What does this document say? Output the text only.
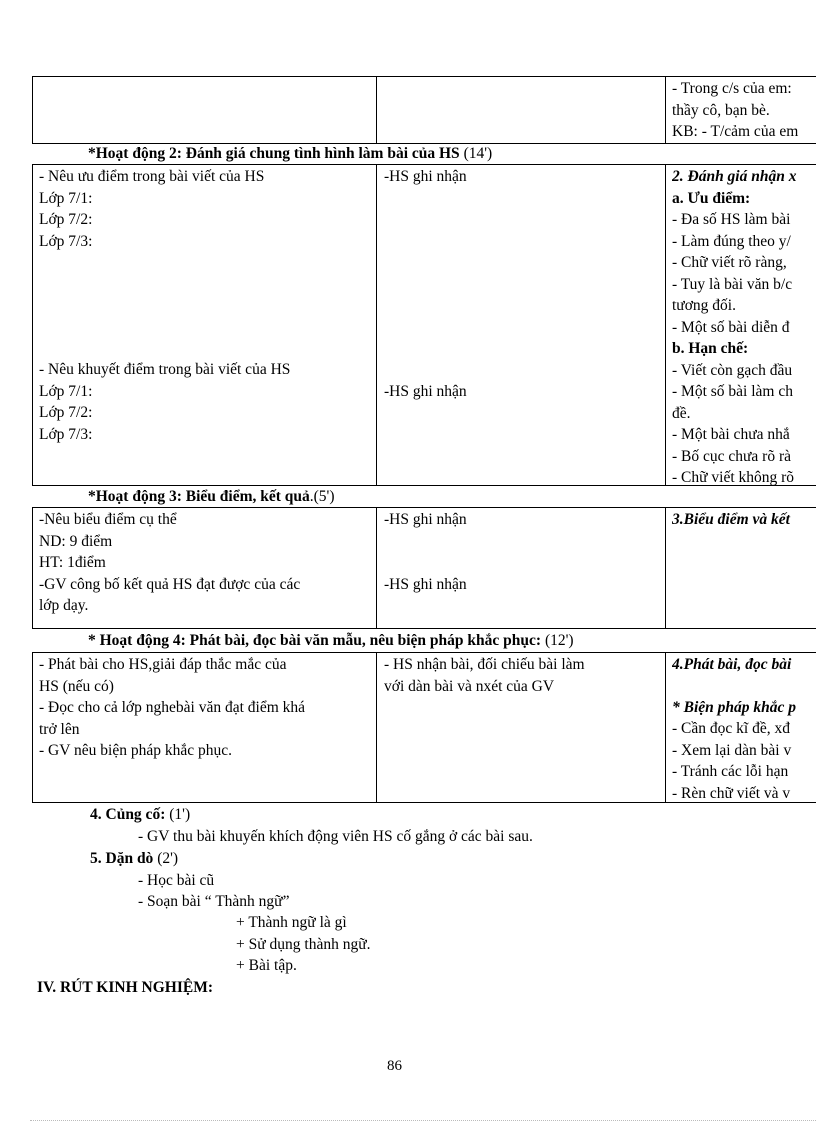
- Trong c/s của em:
thầy cô, bạn bè.
KB: - T/cảm của em
*Hoạt động 2: Đánh giá chung tình hình làm bài của HS (14')
- Nêu ưu điểm trong bài viết của HS
Lớp 7/1:
Lớp 7/2:
Lớp 7/3:
- Nêu khuyết điểm trong bài viết của HS
Lớp 7/1:
Lớp 7/2:
Lớp 7/3:
-HS ghi nhận
-HS ghi nhận
2. Đánh giá nhận x
a. Ưu điểm:
- Đa số HS làm bài
- Làm đúng theo y/
- Chữ viết rõ ràng,
- Tuy là bài văn b/c
tương đối.
- Một số bài diễn đ
b. Hạn chế:
- Viết còn gạch đầu
- Một số bài làm ch
đề.
- Một bài chưa nhắ
- Bố cục chưa rõ rà
- Chữ viết không rõ
*Hoạt động 3: Biểu điểm, kết quả.(5')
-Nêu biểu điểm cụ thể
ND: 9 điểm
HT: 1điểm
-GV công bố kết quả HS đạt được của các
lớp dạy.
-HS ghi nhận
-HS ghi nhận
3.Biểu điểm và kết
* Hoạt động 4: Phát bài, đọc bài văn mẫu, nêu biện pháp khắc phục: (12')
- Phát bài cho HS,giải đáp thắc mắc của
HS (nếu có)
- Đọc cho cả lớp nghebài văn đạt điểm khá
trở lên
- GV nêu biện pháp khắc phục.
- HS nhận bài, đối chiếu bài làm
với dàn bài và nxét của GV
4.Phát bài, đọc bài
* Biện pháp khắc p
- Cần đọc kĩ đề, xđ
- Xem lại dàn bài v
- Tránh các lỗi hạn
- Rèn chữ viết và v
4. Củng cố: (1')
- GV thu bài khuyến khích động viên HS cố gắng ở các bài sau.
5. Dặn dò (2')
- Học bài cũ
- Soạn bài “ Thành ngữ”
+ Thành ngữ là gì
+ Sử dụng thành ngữ.
+ Bài tập.
IV. RÚT KINH NGHIỆM:
86
